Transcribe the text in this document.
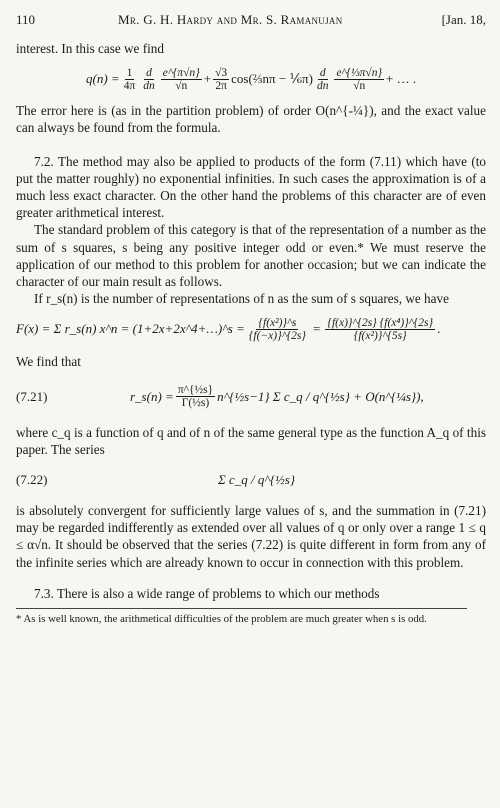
110	Mr. G. H. Hardy and Mr. S. Ramanujan	[Jan. 18,

interest. In this case we find

$q(n) = \frac{1}{4\pi} \frac{d}{dn} \frac{e\^{}\{\pi√n\}}{√n} + \frac{√3}{2\pi}$ cos(⅔nπ − ⅙π) $\frac{d}{dn} \frac{\text{e\textasciicircum{}\{⅓π√n\}}}{√n}$ + … .

The error here is (as in the partition problem) of order O(n^{-¼}), and the exact value can always be found from the formula.

7.2. The method may also be applied to products of the form (7.11) which have (to put the matter roughly) no exponential infinities. In such cases the approximation is of a much less exact character. On the other hand the problems of this character are of even greater arithmetical interest.

The standard problem of this category is that of the representation of a number as the sum of s squares, s being any positive integer odd or even.* We must reserve the application of our method to this problem for another occasion; but we can indicate the character of our main result as follows.

If r_s(n) is the number of representations of n as the sum of s squares, we have

F(x) = Σ r_s(n) x^n = (1+2x+2x^4+…)^s = $\frac{\text{\{f(x²)\}\textasciicircum{}s}}{\{f(-x)\}\^{}\{2s\}} = \frac{\text{\{f(x)\}\textasciicircum{}\{2s\} \{f(x⁴)\}\textasciicircum{}\{2s\}}}{\text{\{f(x²)\}\textasciicircum{}\{5s\}}}$ .

We find that

(7.21)	r_s(n) = $\frac{\text{π\textasciicircum{}\{½s\}}}{\text{Γ(½s)}}$ n^{½s−1} Σ c_q / q^{½s} + O(n^{¼s}),

where c_q is a function of q and of n of the same general type as the function A_q of this paper. The series

(7.22)	Σ c_q / q^{½s}

is absolutely convergent for sufficiently large values of s, and the summation in (7.21) may be regarded indifferently as extended over all values of q or only over a range 1 ≤ q ≤ α√n. It should be observed that the series (7.22) is quite different in form from any of the infinite series which are already known to occur in connection with this problem.

7.3. There is also a wide range of problems to which our methods

* As is well known, the arithmetical difficulties of the problem are much greater when s is odd.
